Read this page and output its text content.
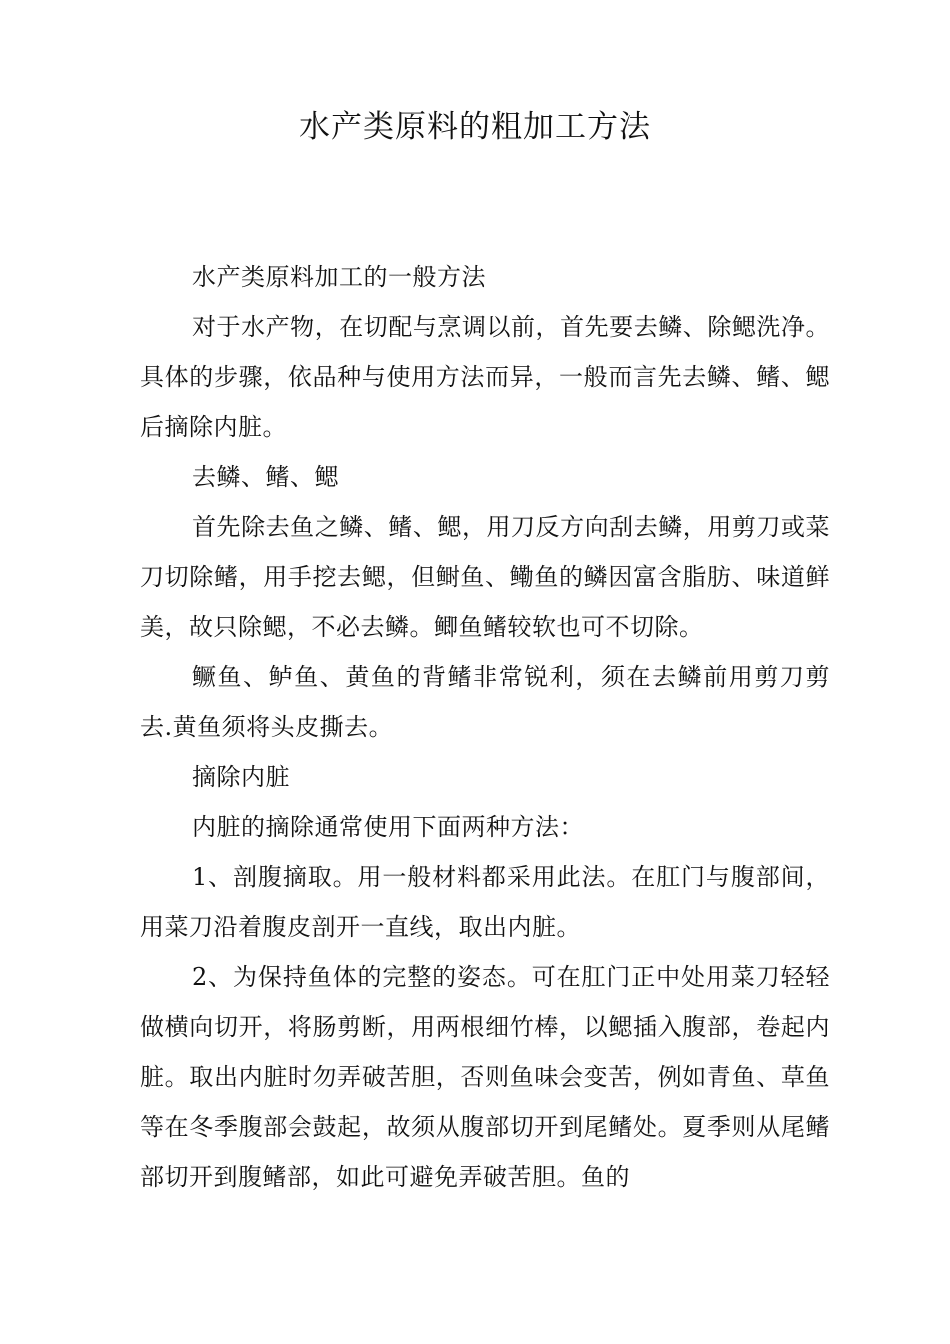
水产类原料的粗加工方法

水产类原料加工的一般方法

对于水产物，在切配与烹调以前，首先要去鳞、除鳃洗净。具体的步骤，依品种与使用方法而异，一般而言先去鳞、鳍、鳃后摘除内脏。

去鳞、鳍、鳃

首先除去鱼之鳞、鳍、鳃，用刀反方向刮去鳞，用剪刀或菜刀切除鳍，用手挖去鳃，但鲥鱼、鳓鱼的鳞因富含脂肪、味道鲜美，故只除鳃，不必去鳞。鲫鱼鳍较软也可不切除。

鳜鱼、鲈鱼、黄鱼的背鳍非常锐利，须在去鳞前用剪刀剪去.黄鱼须将头皮撕去。

摘除内脏

内脏的摘除通常使用下面两种方法：

1、剖腹摘取。用一般材料都采用此法。在肛门与腹部间，用菜刀沿着腹皮剖开一直线，取出内脏。

2、为保持鱼体的完整的姿态。可在肛门正中处用菜刀轻轻做横向切开，将肠剪断，用两根细竹棒，以鳃插入腹部，卷起内脏。取出内脏时勿弄破苦胆，否则鱼味会变苦，例如青鱼、草鱼等在冬季腹部会鼓起，故须从腹部切开到尾鳍处。夏季则从尾鳍部切开到腹鳍部，如此可避免弄破苦胆。鱼的
